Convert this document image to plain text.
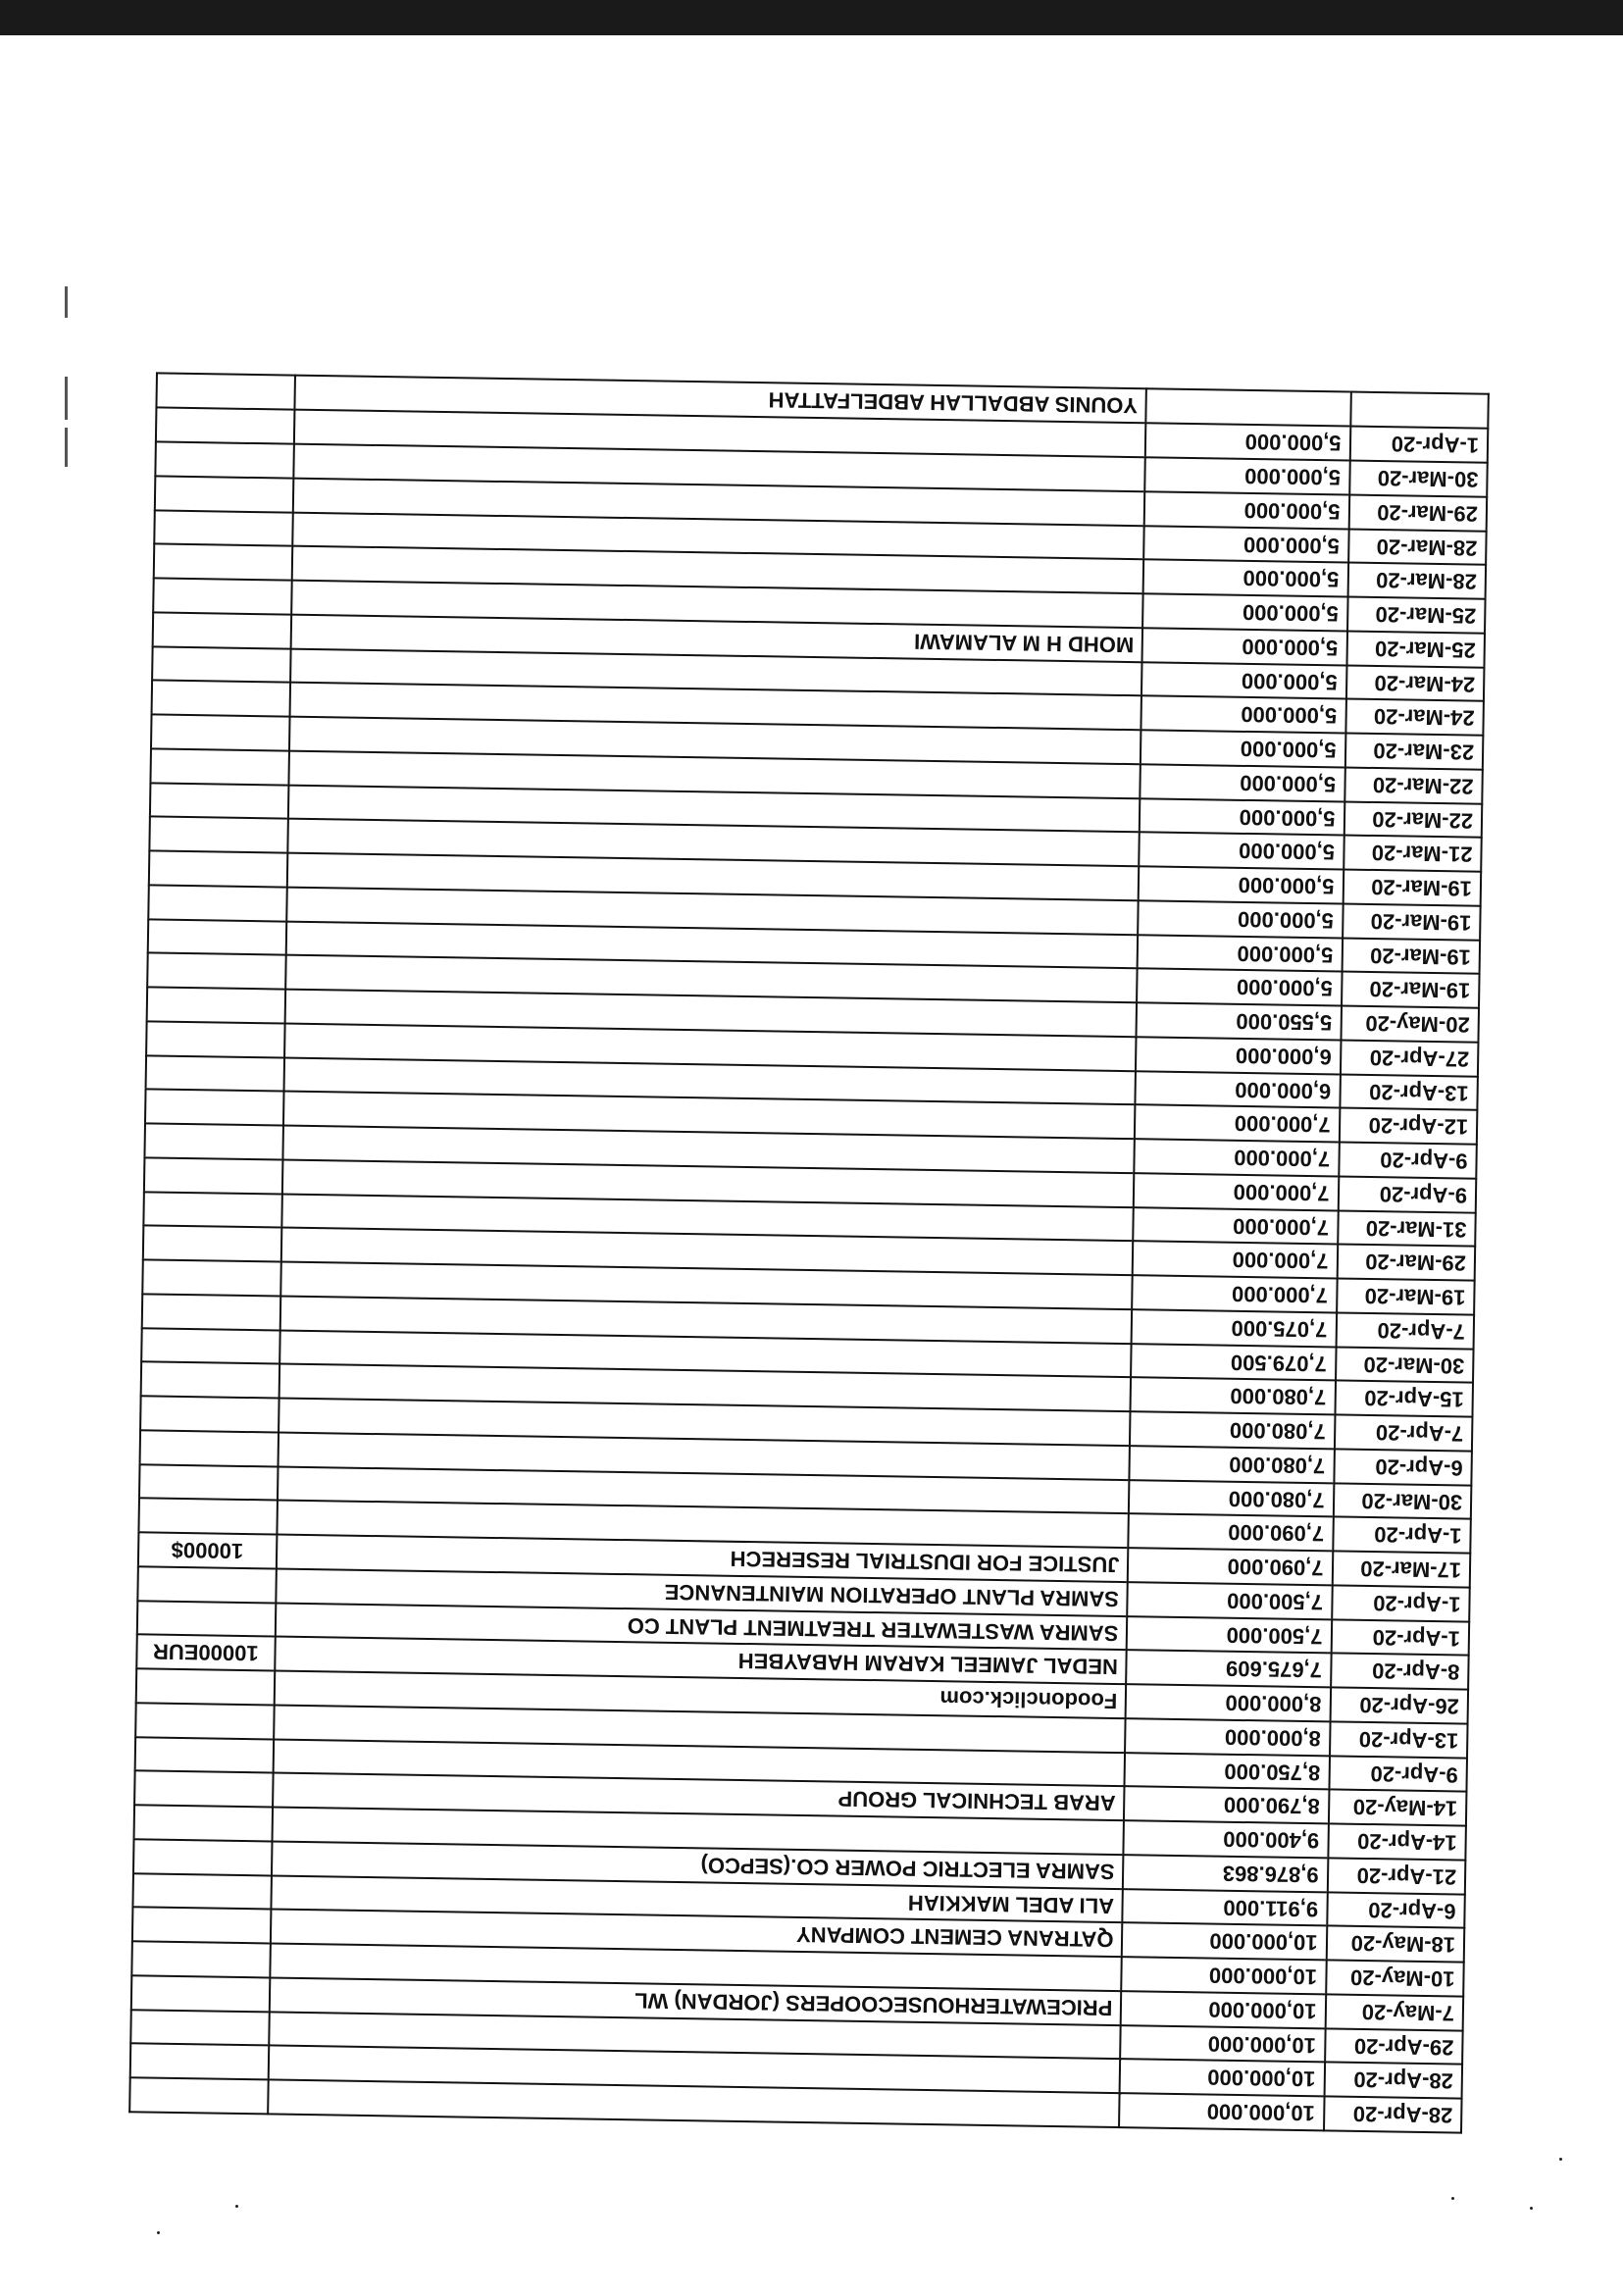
28-Apr-20	10,000.000		
28-Apr-20	10,000.000		
29-Apr-20	10,000.000		
7-May-20	10,000.000	PRICEWATERHOUSECOOPERS (JORDAN) WL	
10-May-20	10,000.000		
18-May-20	10,000.000	QATRANA CEMENT COMPANY	
6-Apr-20	9,911.000	ALI ADEL MAKKIAH	
21-Apr-20	9,876.863	SAMRA ELECTRIC POWER CO.(SEPCO)	
14-Apr-20	9,400.000		
14-May-20	8,790.000	ARAB TECHNICAL GROUP	
9-Apr-20	8,750.000		
13-Apr-20	8,000.000		
26-Apr-20	8,000.000	Foodonclick.com	
8-Apr-20	7,675.609	NEDAL JAMEEL KARAM HABAYBEH	10000EUR
1-Apr-20	7,500.000	SAMRA WASTEWATER TREATMENT PLANT CO	
1-Apr-20	7,500.000	SAMRA PLANT OPERATION MAINTENANCE	
17-Mar-20	7,090.000	JUSTICE FOR IDUSTRIAL RESERECH	10000$
1-Apr-20	7,090.000		
30-Mar-20	7,080.000		
6-Apr-20	7,080.000		
7-Apr-20	7,080.000		
15-Apr-20	7,080.000		
30-Mar-20	7,079.500		
7-Apr-20	7,075.000		
19-Mar-20	7,000.000		
29-Mar-20	7,000.000		
31-Mar-20	7,000.000		
9-Apr-20	7,000.000		
9-Apr-20	7,000.000		
12-Apr-20	7,000.000		
13-Apr-20	6,000.000		
27-Apr-20	6,000.000		
20-May-20	5,550.000		
19-Mar-20	5,000.000		
19-Mar-20	5,000.000		
19-Mar-20	5,000.000		
19-Mar-20	5,000.000		
21-Mar-20	5,000.000		
22-Mar-20	5,000.000		
22-Mar-20	5,000.000		
23-Mar-20	5,000.000		
24-Mar-20	5,000.000		
24-Mar-20	5,000.000		
25-Mar-20	5,000.000	MOHD H M ALAMAWI	
25-Mar-20	5,000.000		
28-Mar-20	5,000.000		
28-Mar-20	5,000.000		
29-Mar-20	5,000.000		
30-Mar-20	5,000.000		
1-Apr-20	5,000.000		
		YOUNIS ABDALLAH ABDELFATTAH	
